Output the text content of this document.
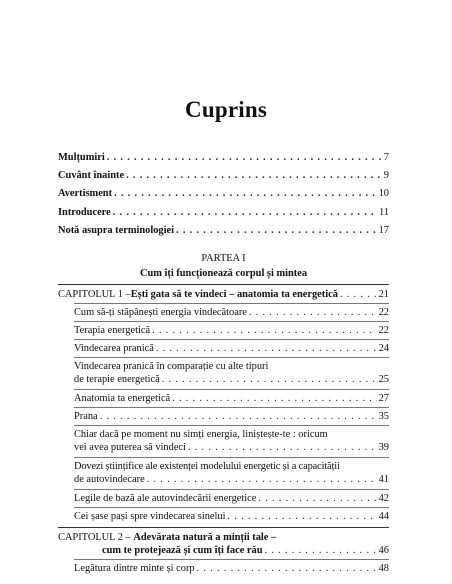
Cuprins
Mulțumiri . . .	7
Cuvânt înainte . . .	9
Avertisment . . .	10
Introducere . . .	11
Notă asupra terminologiei . . .	17
PARTEA I
Cum îți funcționează corpul și mintea
CAPITOLUL 1 – Ești gata să te vindeci – anatomia ta energetică . . .	21
Cum să-ți stăpânești energia vindecătoare . . .	22
Terapia energetică . . .	22
Vindecarea pranică . . .	24
Vindecarea pranică în comparație cu alte tipuri
de terapie energetică . . .	25
Anatomia ta energetică . . .	27
Prana . . .	35
Chiar dacă pe moment nu simți energia, liniștește-te : oricum
vei avea puterea să vindeci . . .	39
Dovezi științifice ale existenței modelului energetic și a capacității
de autovindecare . . .	41
Legile de bază ale autovindecării energetice . . .	42
Cei șase pași spre vindecarea sinelui . . .	44
CAPITOLUL 2 – Adevărata natură a minții tale –
cum te protejează și cum îți face rău . . .	46
Legătura dintre minte și corp . . .	48
